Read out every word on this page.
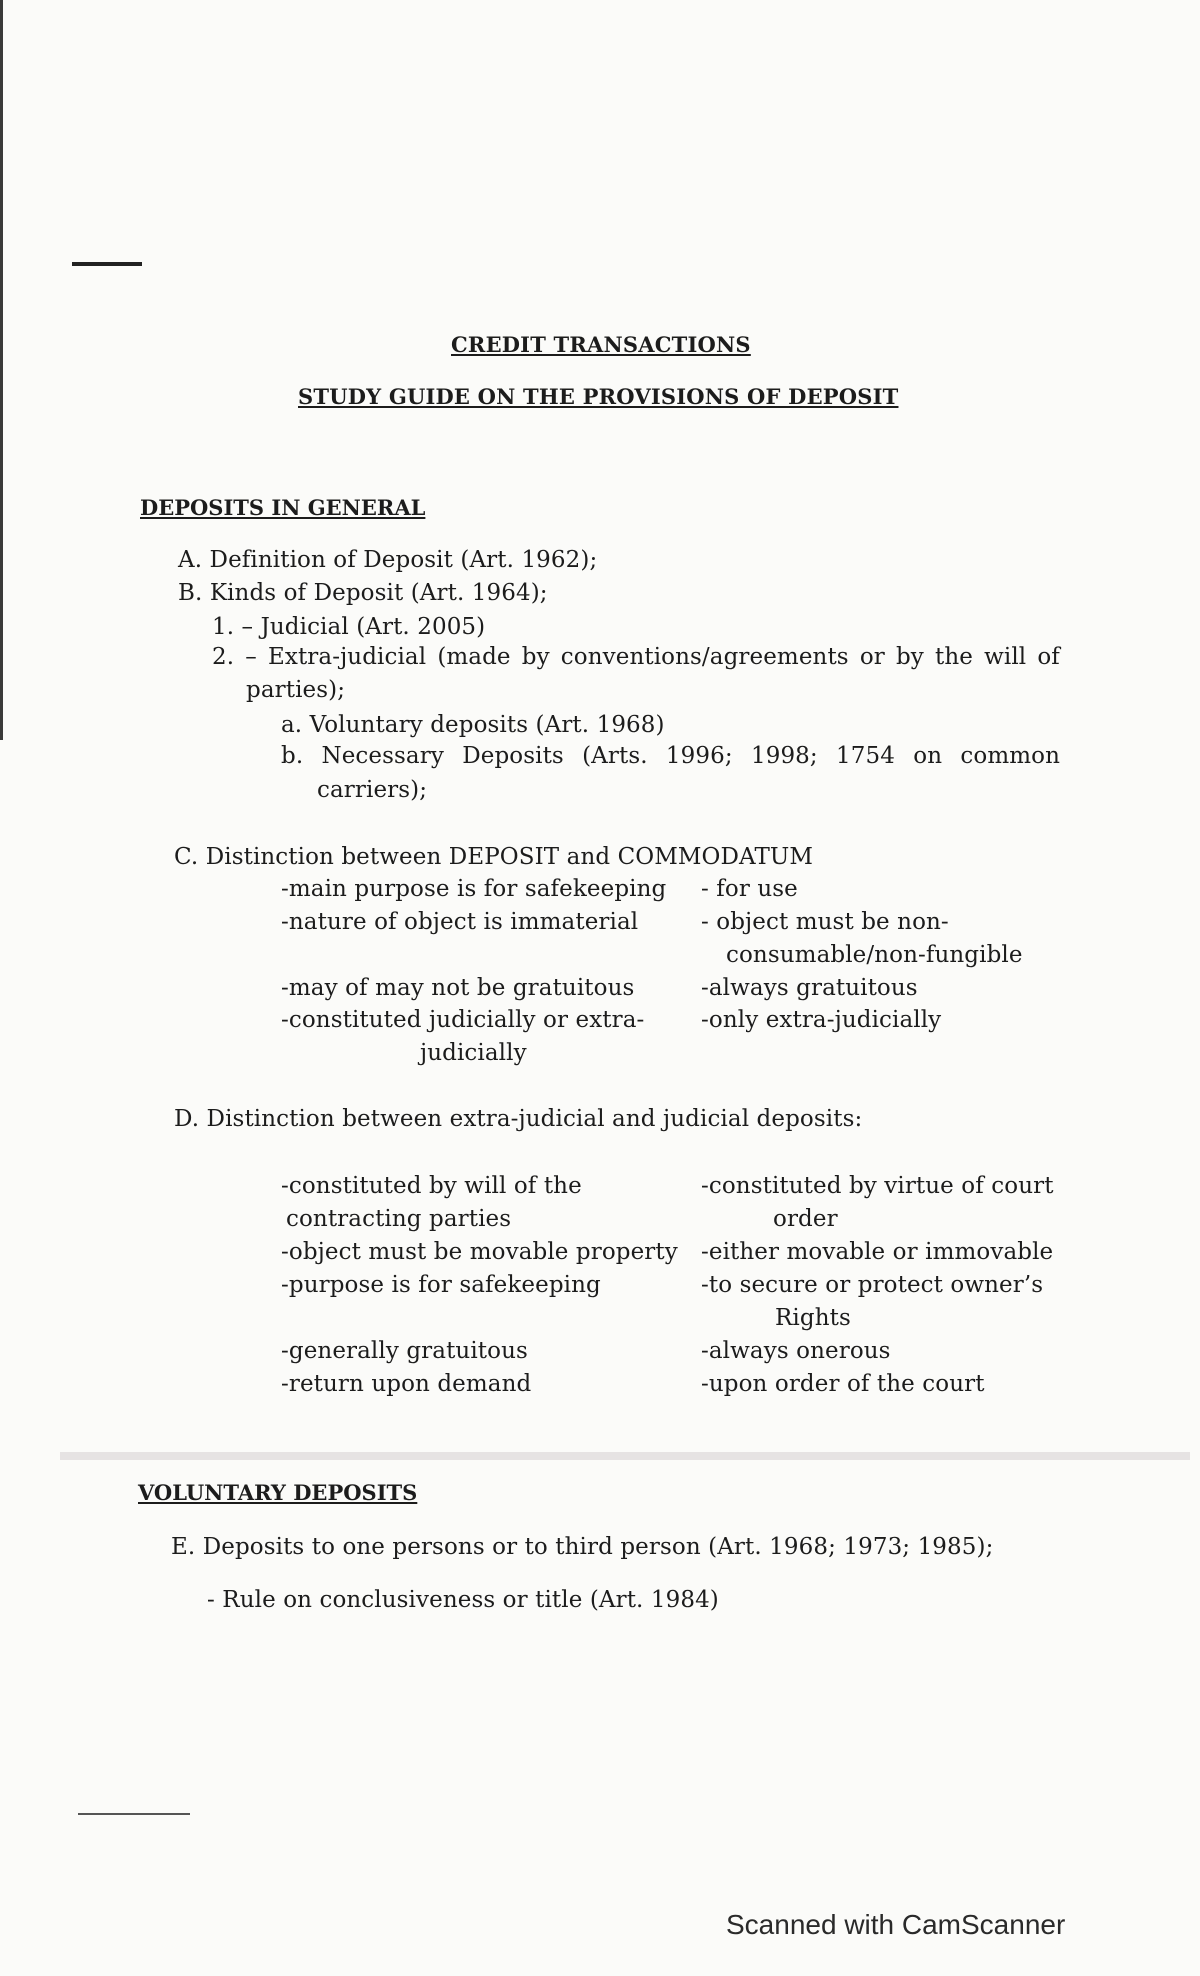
CREDIT TRANSACTIONS
STUDY GUIDE ON THE PROVISIONS OF DEPOSIT
DEPOSITS IN GENERAL
A. Definition of Deposit (Art. 1962);
B. Kinds of Deposit (Art. 1964);
1. – Judicial (Art. 2005)
2. – Extra-judicial (made by conventions/agreements or by the will of
parties);
a. Voluntary deposits (Art. 1968)
b. Necessary Deposits (Arts. 1996; 1998; 1754 on common
carriers);
C. Distinction between DEPOSIT and COMMODATUM
-main purpose is for safekeeping
-nature of object is immaterial
-may of may not be gratuitous
-constituted judicially or extra-
judicially
- for use
- object must be non-
consumable/non-fungible
-always gratuitous
-only extra-judicially
D. Distinction between extra-judicial and judicial deposits:
-constituted by will of the
contracting parties
-object must be movable property
-purpose is for safekeeping
-generally gratuitous
-return upon demand
-constituted by virtue of court
order
-either movable or immovable
-to secure or protect owner’s
Rights
-always onerous
-upon order of the court
VOLUNTARY DEPOSITS
E. Deposits to one persons or to third person (Art. 1968; 1973; 1985);
- Rule on conclusiveness or title (Art. 1984)
Scanned with CamScanner
